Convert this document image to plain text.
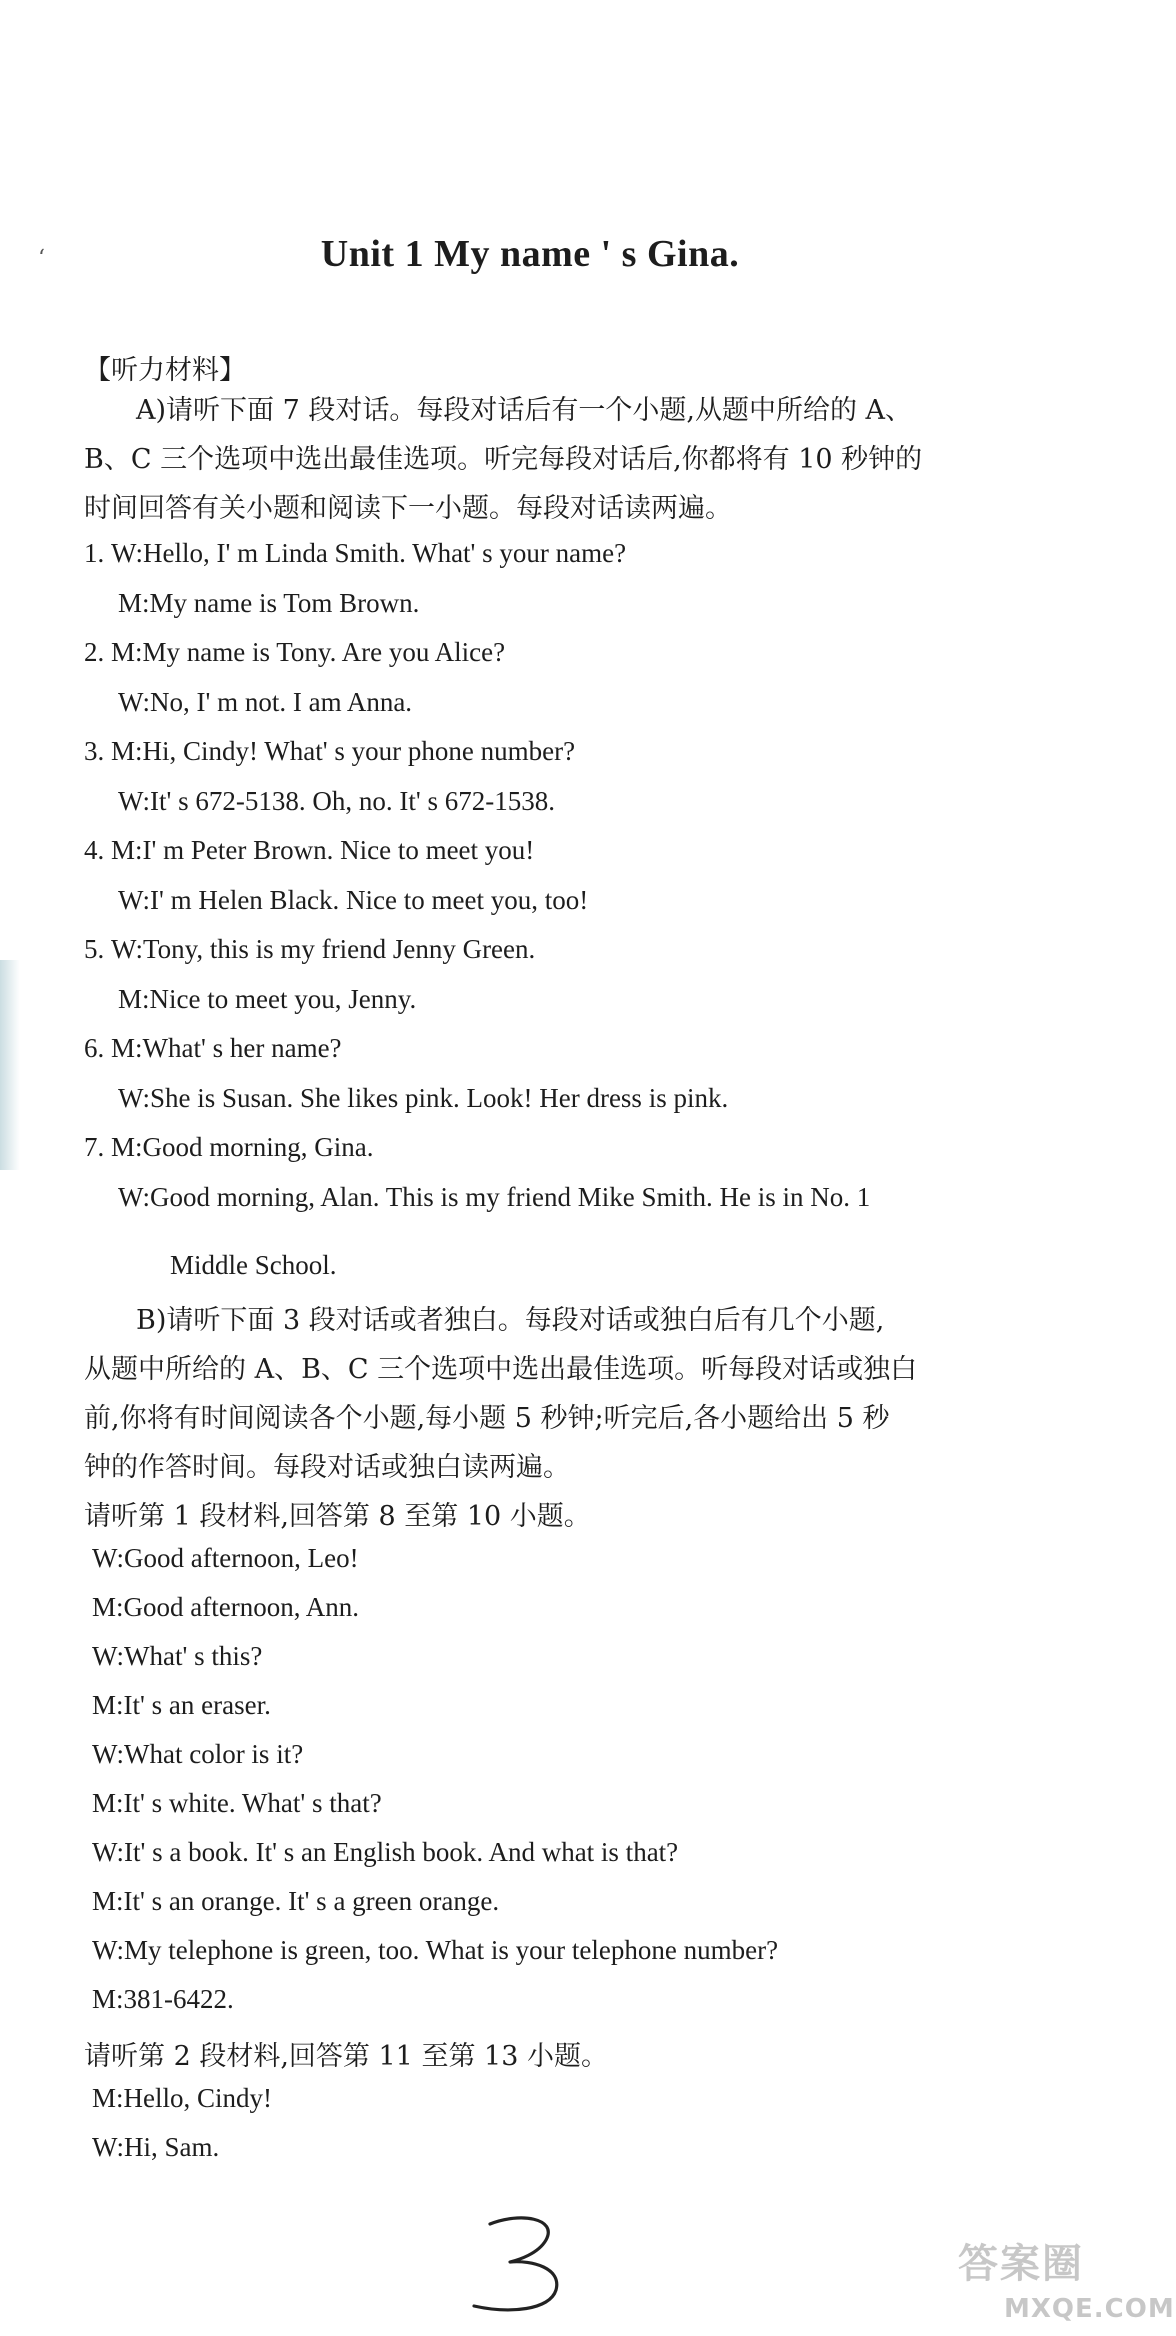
‘	Unit 1 My name ' s Gina.
【听力材料】
A)请听下面 7 段对话。每段对话后有一个小题,从题中所给的 A、
B、C 三个选项中选出最佳选项。听完每段对话后,你都将有 10 秒钟的
时间回答有关小题和阅读下一小题。每段对话读两遍。
1. W:Hello, I' m Linda Smith. What' s your name?
M:My name is Tom Brown.
2. M:My name is Tony. Are you Alice?
W:No, I' m not. I am Anna.
3. M:Hi, Cindy! What' s your phone number?
W:It' s 672-5138. Oh, no. It' s 672-1538.
4. M:I' m Peter Brown. Nice to meet you!
W:I' m Helen Black. Nice to meet you, too!
5. W:Tony, this is my friend Jenny Green.
M:Nice to meet you, Jenny.
6. M:What' s her name?
W:She is Susan. She likes pink. Look! Her dress is pink.
7. M:Good morning, Gina.
W:Good morning, Alan. This is my friend Mike Smith. He is in No. 1
Middle School.
B)请听下面 3 段对话或者独白。每段对话或独白后有几个小题,
从题中所给的 A、B、C 三个选项中选出最佳选项。听每段对话或独白
前,你将有时间阅读各个小题,每小题 5 秒钟;听完后,各小题给出 5 秒
钟的作答时间。每段对话或独白读两遍。
请听第 1 段材料,回答第 8 至第 10 小题。
W:Good afternoon, Leo!
M:Good afternoon, Ann.
W:What' s this?
M:It' s an eraser.
W:What color is it?
M:It' s white. What' s that?
W:It' s a book. It' s an English book. And what is that?
M:It' s an orange. It' s a green orange.
W:My telephone is green, too. What is your telephone number?
M:381-6422.
请听第 2 段材料,回答第 11 至第 13 小题。
M:Hello, Cindy!
W:Hi, Sam.
答案圈
MXQE.COM
